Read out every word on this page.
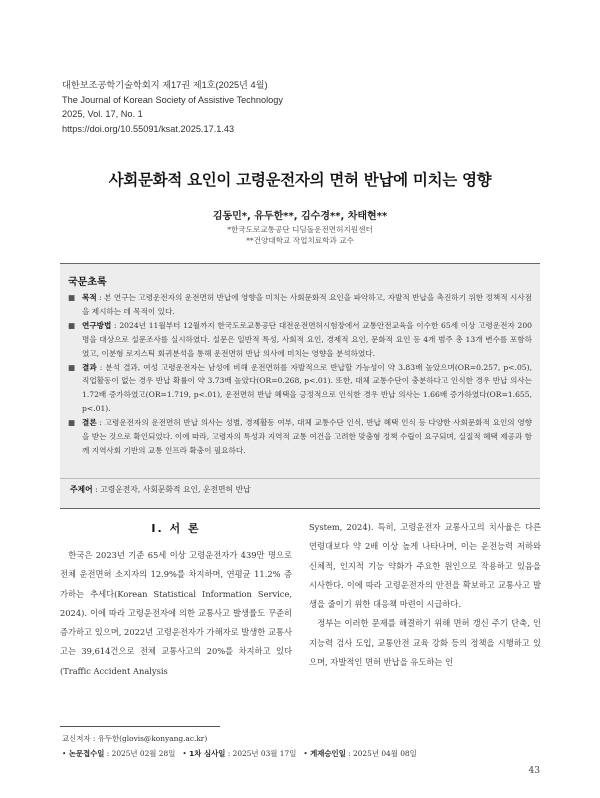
대한보조공학기술학회지 제17권 제1호(2025년 4월)
The Journal of Korean Society of Assistive Technology
2025, Vol. 17, No. 1
https://doi.org/10.55091/ksat.2025.17.1.43
사회문화적 요인이 고령운전자의 면허 반납에 미치는 영향
김동민*, 유두한**, 김수경**, 차태현**
*한국도로교통공단 디딤돌운전면허지원센터
**건양대학교 작업치료학과 교수
국문초록
■ 목적 : 본 연구는 고령운전자의 운전면허 반납에 영향을 미치는 사회문화적 요인을 파악하고, 자발적 반납을 촉진하기 위한 정책적 시사점을 제시하는 데 목적이 있다.
■ 연구방법 : 2024년 11월부터 12월까지 한국도로교통공단 대전운전면허시험장에서 교통안전교육을 이수한 65세 이상 고령운전자 200명을 대상으로 설문조사를 실시하였다. 설문은 일반적 특성, 사회적 요인, 경제적 요인, 문화적 요인 등 4개 범주 총 13개 변수를 포함하였고, 이분형 로지스틱 회귀분석을 통해 운전면허 반납 의사에 미치는 영향을 분석하였다.
■ 결과 : 분석 결과, 여성 고령운전자는 남성에 비해 운전면허를 자발적으로 반납할 가능성이 약 3.83배 높았으며(OR=0.257, p<.05), 직업활동이 없는 경우 반납 확률이 약 3.73배 높았다(OR=0.268, p<.01). 또한, 대체 교통수단이 충분하다고 인식한 경우 반납 의사는 1.72배 증가하였고(OR=1.719, p<.01), 운전면허 반납 혜택을 긍정적으로 인식한 경우 반납 의사는 1.66배 증가하였다(OR=1.655, p<.01).
■ 결론 : 고령운전자의 운전면허 반납 의사는 성별, 경제활동 여부, 대체 교통수단 인식, 반납 혜택 인식 등 다양한 사회문화적 요인의 영향을 받는 것으로 확인되었다. 이에 따라, 고령자의 특성과 지역적 교통 여건을 고려한 맞춤형 정책 수립이 요구되며, 실질적 혜택 제공과 함께 지역사회 기반의 교통 인프라 확충이 필요하다.
주제어 : 고령운전자, 사회문화적 요인, 운전면허 반납
Ⅰ. 서 론

한국은 2023년 기준 65세 이상 고령운전자가 439만 명으로 전체 운전면허 소지자의 12.9%를 차지하며, 연평균 11.2% 증가하는 추세다(Korean Statistical Information Service, 2024). 이에 따라 고령운전자에 의한 교통사고 발생률도 꾸준히 증가하고 있으며, 2022년 고령운전자가 가해자로 발생한 교통사고는 39,614건으로 전체 교통사고의 20%를 차지하고 있다(Traffic Accident Analysis

System, 2024). 특히, 고령운전자 교통사고의 치사율은 다른 연령대보다 약 2배 이상 높게 나타나며, 이는 운전능력 저하와 신체적, 인지적 기능 약화가 주요한 원인으로 작용하고 있음을 시사한다. 이에 따라 고령운전자의 안전을 확보하고 교통사고 발생을 줄이기 위한 대응책 마련이 시급하다.

정부는 이러한 문제를 해결하기 위해 면허 갱신 주기 단축, 인지능력 검사 도입, 교통안전 교육 강화 등의 정책을 시행하고 있으며, 자발적인 면허 반납을 유도하는 인

교신저자 : 유두한(glovis@konyang.ac.kr)
• 논문접수일 : 2025년 02월 28일   • 1차 심사일 : 2025년 03월 17일   • 게재승인일 : 2025년 04월 08일
43
